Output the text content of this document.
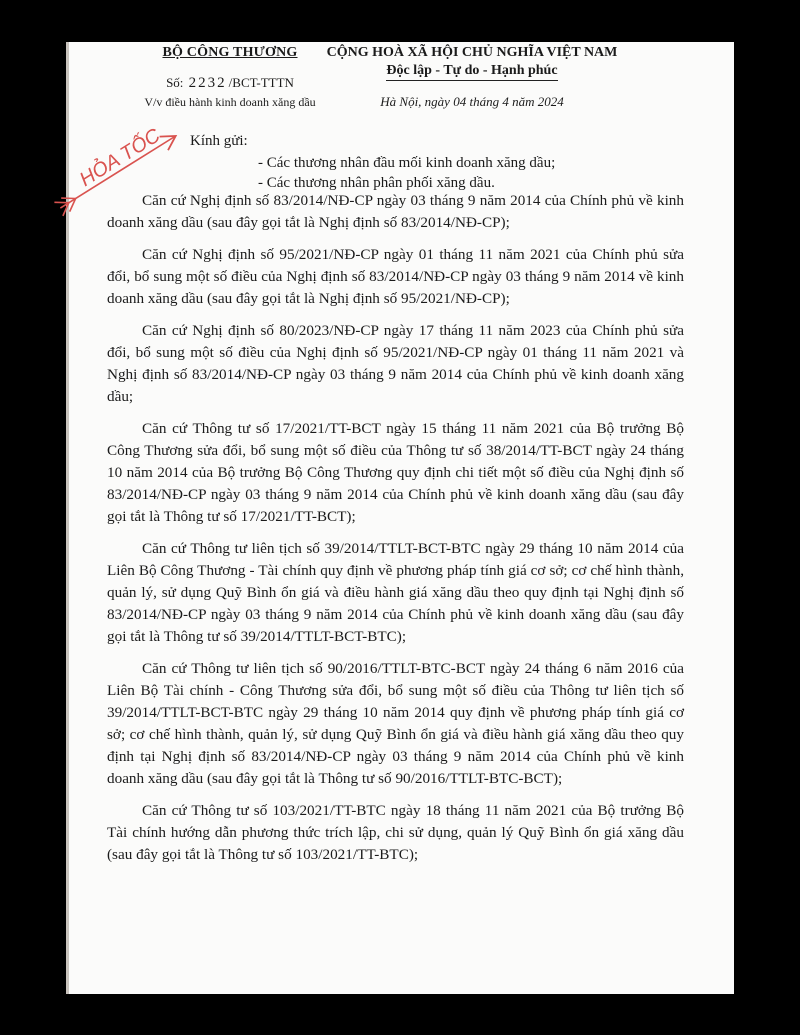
BỘ CÔNG THƯƠNG
Số: 2232 /BCT-TTTN
V/v điều hành kinh doanh xăng dầu
CỘNG HOÀ XÃ HỘI CHỦ NGHĨA VIỆT NAM
Độc lập - Tự do - Hạnh phúc
Hà Nội, ngày 04 tháng 4 năm 2024
HỎA TỐC Kính gửi:
- Các thương nhân đầu mối kinh doanh xăng dầu;
- Các thương nhân phân phối xăng dầu.

Căn cứ Nghị định số 83/2014/NĐ-CP ngày 03 tháng 9 năm 2014 của Chính phủ về kinh doanh xăng dầu (sau đây gọi tắt là Nghị định số 83/2014/NĐ-CP);

Căn cứ Nghị định số 95/2021/NĐ-CP ngày 01 tháng 11 năm 2021 của Chính phủ sửa đổi, bổ sung một số điều của Nghị định số 83/2014/NĐ-CP ngày 03 tháng 9 năm 2014 về kinh doanh xăng dầu (sau đây gọi tắt là Nghị định số 95/2021/NĐ-CP);

Căn cứ Nghị định số 80/2023/NĐ-CP ngày 17 tháng 11 năm 2023 của Chính phủ sửa đổi, bổ sung một số điều của Nghị định số 95/2021/NĐ-CP ngày 01 tháng 11 năm 2021 và Nghị định số 83/2014/NĐ-CP ngày 03 tháng 9 năm 2014 của Chính phủ về kinh doanh xăng dầu;

Căn cứ Thông tư số 17/2021/TT-BCT ngày 15 tháng 11 năm 2021 của Bộ trưởng Bộ Công Thương sửa đổi, bổ sung một số điều của Thông tư số 38/2014/TT-BCT ngày 24 tháng 10 năm 2014 của Bộ trưởng Bộ Công Thương quy định chi tiết một số điều của Nghị định số 83/2014/NĐ-CP ngày 03 tháng 9 năm 2014 của Chính phủ về kinh doanh xăng dầu (sau đây gọi tắt là Thông tư số 17/2021/TT-BCT);

Căn cứ Thông tư liên tịch số 39/2014/TTLT-BCT-BTC ngày 29 tháng 10 năm 2014 của Liên Bộ Công Thương - Tài chính quy định về phương pháp tính giá cơ sở; cơ chế hình thành, quản lý, sử dụng Quỹ Bình ổn giá và điều hành giá xăng dầu theo quy định tại Nghị định số 83/2014/NĐ-CP ngày 03 tháng 9 năm 2014 của Chính phủ về kinh doanh xăng dầu (sau đây gọi tắt là Thông tư số 39/2014/TTLT-BCT-BTC);

Căn cứ Thông tư liên tịch số 90/2016/TTLT-BTC-BCT ngày 24 tháng 6 năm 2016 của Liên Bộ Tài chính - Công Thương sửa đổi, bổ sung một số điều của Thông tư liên tịch số 39/2014/TTLT-BCT-BTC ngày 29 tháng 10 năm 2014 quy định về phương pháp tính giá cơ sở; cơ chế hình thành, quản lý, sử dụng Quỹ Bình ổn giá và điều hành giá xăng dầu theo quy định tại Nghị định số 83/2014/NĐ-CP ngày 03 tháng 9 năm 2014 của Chính phủ về kinh doanh xăng dầu (sau đây gọi tắt là Thông tư số 90/2016/TTLT-BTC-BCT);

Căn cứ Thông tư số 103/2021/TT-BTC ngày 18 tháng 11 năm 2021 của Bộ trưởng Bộ Tài chính hướng dẫn phương thức trích lập, chi sử dụng, quản lý Quỹ Bình ổn giá xăng dầu (sau đây gọi tắt là Thông tư số 103/2021/TT-BTC);
